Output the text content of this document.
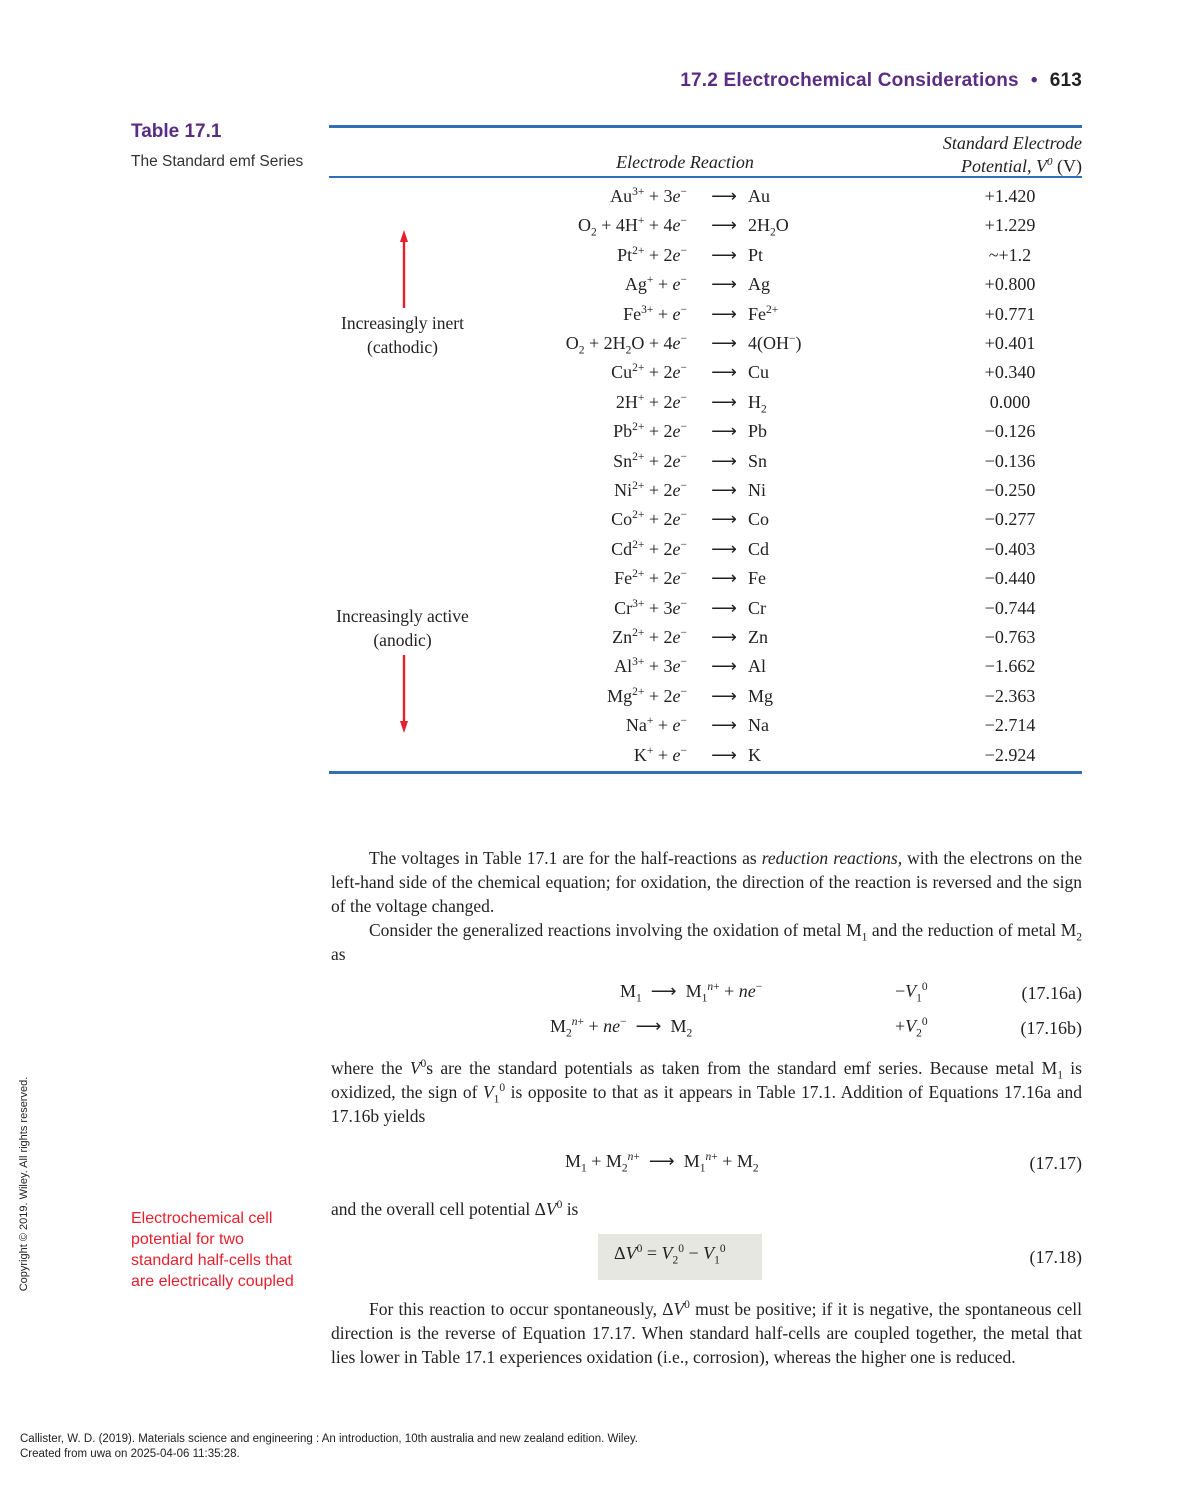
17.2 Electrochemical Considerations • 613
Table 17.1
The Standard emf Series	Electrode Reaction
Standard Electrode
Potential, $V^0$ (V)
$Au^{3+} + 3e^-$	⟶ Au	+1.420
$O_2 + 4H^+ + 4e^-$	⟶ $2H_2O$	+1.229
$Pt^{2+} + 2e^-$	⟶ Pt	~+1.2
Ag+ + e−	⟶ Ag	+0.800
$Fe^{3+} + e^-$	⟶ $Fe^{2+}$	+0.771
$O_2 + 2H_2O + 4e^-$	⟶ 4(OH−)	+0.401
$Cu^{2+} + 2e^-$	⟶ Cu	+0.340
2H+ + 2e−	⟶ $H_2$	0.000
$Pb^{2+} + 2e^-$	⟶ Pb	−0.126
$Sn^{2+} + 2e^-$	⟶ Sn	−0.136
$Ni^{2+} + 2e^-$	⟶ Ni	−0.250
$Co^{2+} + 2e^-$	⟶ Co	−0.277
$Cd^{2+} + 2e^-$	⟶ Cd	−0.403
$Fe^{2+} + 2e^-$	⟶ Fe	−0.440
$Cr^{3+} + 3e^-$	⟶ Cr	−0.744
$Zn^{2+} + 2e^-$	⟶ Zn	−0.763
$Al^{3+} + 3e^-$	⟶ Al	−1.662
$Mg^{2+} + 2e^-$	⟶ Mg	−2.363
Na+ + e−	⟶ Na	−2.714
K+ + e−	⟶ K	−2.924
Increasingly inert
(cathodic)
Increasingly active
(anodic)
The voltages in Table 17.1 are for the half-reactions as reduction reactions, with the electrons on the left-hand side of the chemical equation; for oxidation, the direction of the reaction is reversed and the sign of the voltage changed.
Consider the generalized reactions involving the oxidation of metal $M_1$ and the reduction of metal $M_2$ as
$M_1$  ⟶  $M_1^{n+} + ne^-$	$-V_1^0$	(17.16a)
$M_2^{n+} + ne^-$  ⟶  $M_2$	$+V_2^0$	(17.16b)
where the $V^0s$ are the standard potentials as taken from the standard emf series. Because metal $M_1$ is oxidized, the sign of $V_1^0$ is opposite to that as it appears in Table 17.1. Addition of Equations 17.16a and 17.16b yields
$M_1 + M_2^{n+}$  ⟶  $M_1^{n+} + M_2$	(17.17)
and the overall cell potential $\Delta V^0$ is
$\Delta V^0 = V_2^0 - V_1^0$	(17.18)
For this reaction to occur spontaneously, $\Delta V^0$ must be positive; if it is negative, the spontaneous cell direction is the reverse of Equation 17.17. When standard half-cells are coupled together, the metal that lies lower in Table 17.1 experiences oxidation (i.e., corrosion), whereas the higher one is reduced.
Electrochemical cell potential for two standard half-cells that are electrically coupled
Copyright © 2019. Wiley. All rights reserved.
Callister, W. D. (2019). Materials science and engineering : An introduction, 10th australia and new zealand edition. Wiley.
Created from uwa on 2025-04-06 11:35:28.
